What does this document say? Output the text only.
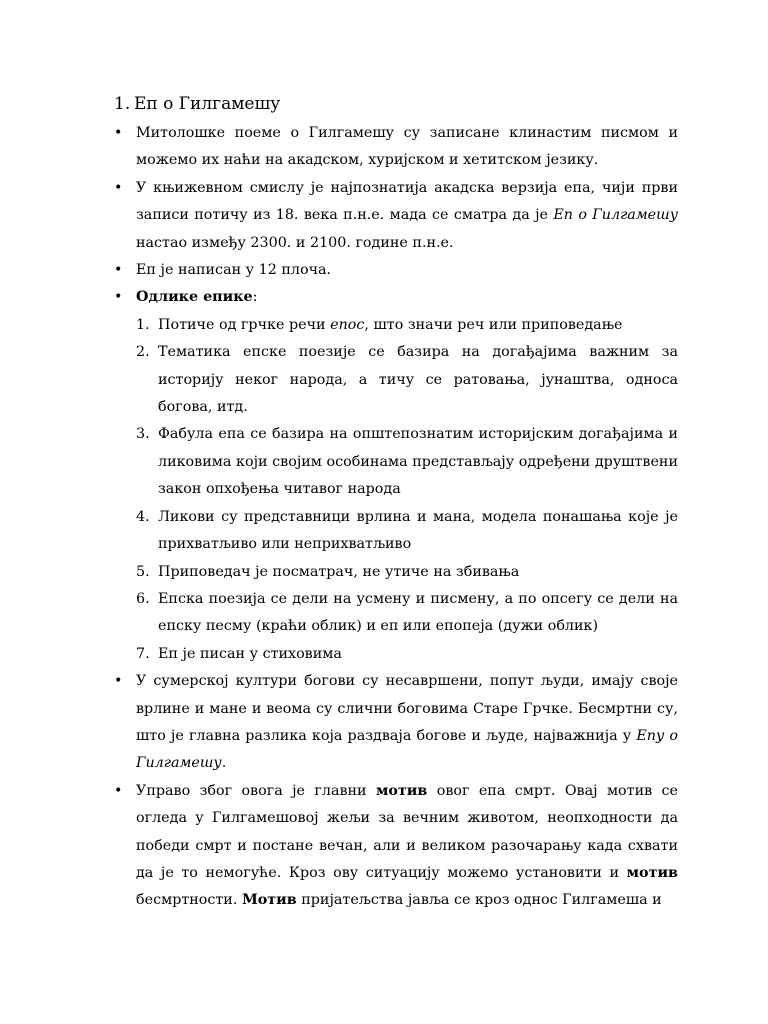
1. Еп о Гилгамешу
• Митолошке поеме о Гилгамешу су записане клинастим писмом и можемо их наћи на акадском, хуријском и хетитском језику.
• У књижевном смислу је најпознатија акадска верзија епа, чији први записи потичу из 18. века п.н.е. мада се сматра да је Еп о Гилгамешу настао између 2300. и 2100. године п.н.е.
• Еп је написан у 12 плоча.
• Одлике епике:
1. Потиче од грчке речи епос, што значи реч или приповедање
2. Тематика епске поезије се базира на догађајима важним за историју неког народа, а тичу се ратовања, јунаштва, односа богова, итд.
3. Фабула епа се базира на општепознатим историјским догађајима и ликовима који својим особинама представљају одређени друштвени закон опхођења читавог народа
4. Ликови су представници врлина и мана, модела понашања које је прихватљиво или неприхватљиво
5. Приповедач је посматрач, не утиче на збивања
6. Епска поезија се дели на усмену и писмену, а по опсегу се дели на епску песму (краћи облик) и еп или епопеја (дужи облик)
7. Еп је писан у стиховима
• У сумерској култури богови су несавршени, попут људи, имају своје врлине и мане и веома су слични боговима Старе Грчке. Бесмртни су, што је главна разлика која раздваја богове и људе, најважнија у Епу о Гилгамешу.
• Управо због овога је главни мотив овог епа смрт. Овај мотив се огледа у Гилгамешовој жељи за вечним животом, неопходности да победи смрт и постане вечан, али и великом разочарању када схвати да је то немогуће. Кроз ову ситуацију можемо установити и мотив бесмртности. Мотив пријатељства јавља се кроз однос Гилгамеша и
